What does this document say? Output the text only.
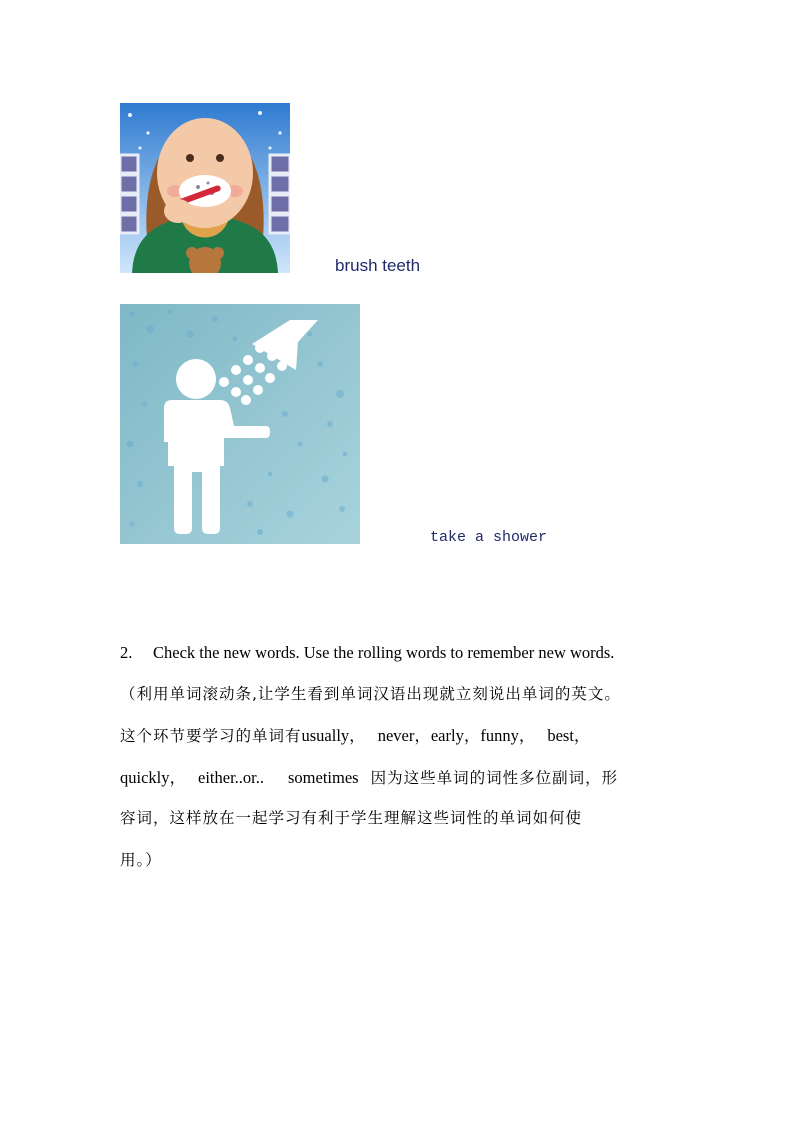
brush teeth
take a shower
2. Check the new words. Use the rolling words to remember new words.
（利用单词滚动条,让学生看到单词汉语出现就立刻说出单词的英文。
这个环节要学习的单词有usually， never，early，funny， best，
quickly， either..or.. sometimes 因为这些单词的词性多位副词，形
容词，这样放在一起学习有利于学生理解这些词性的单词如何使
用。）
